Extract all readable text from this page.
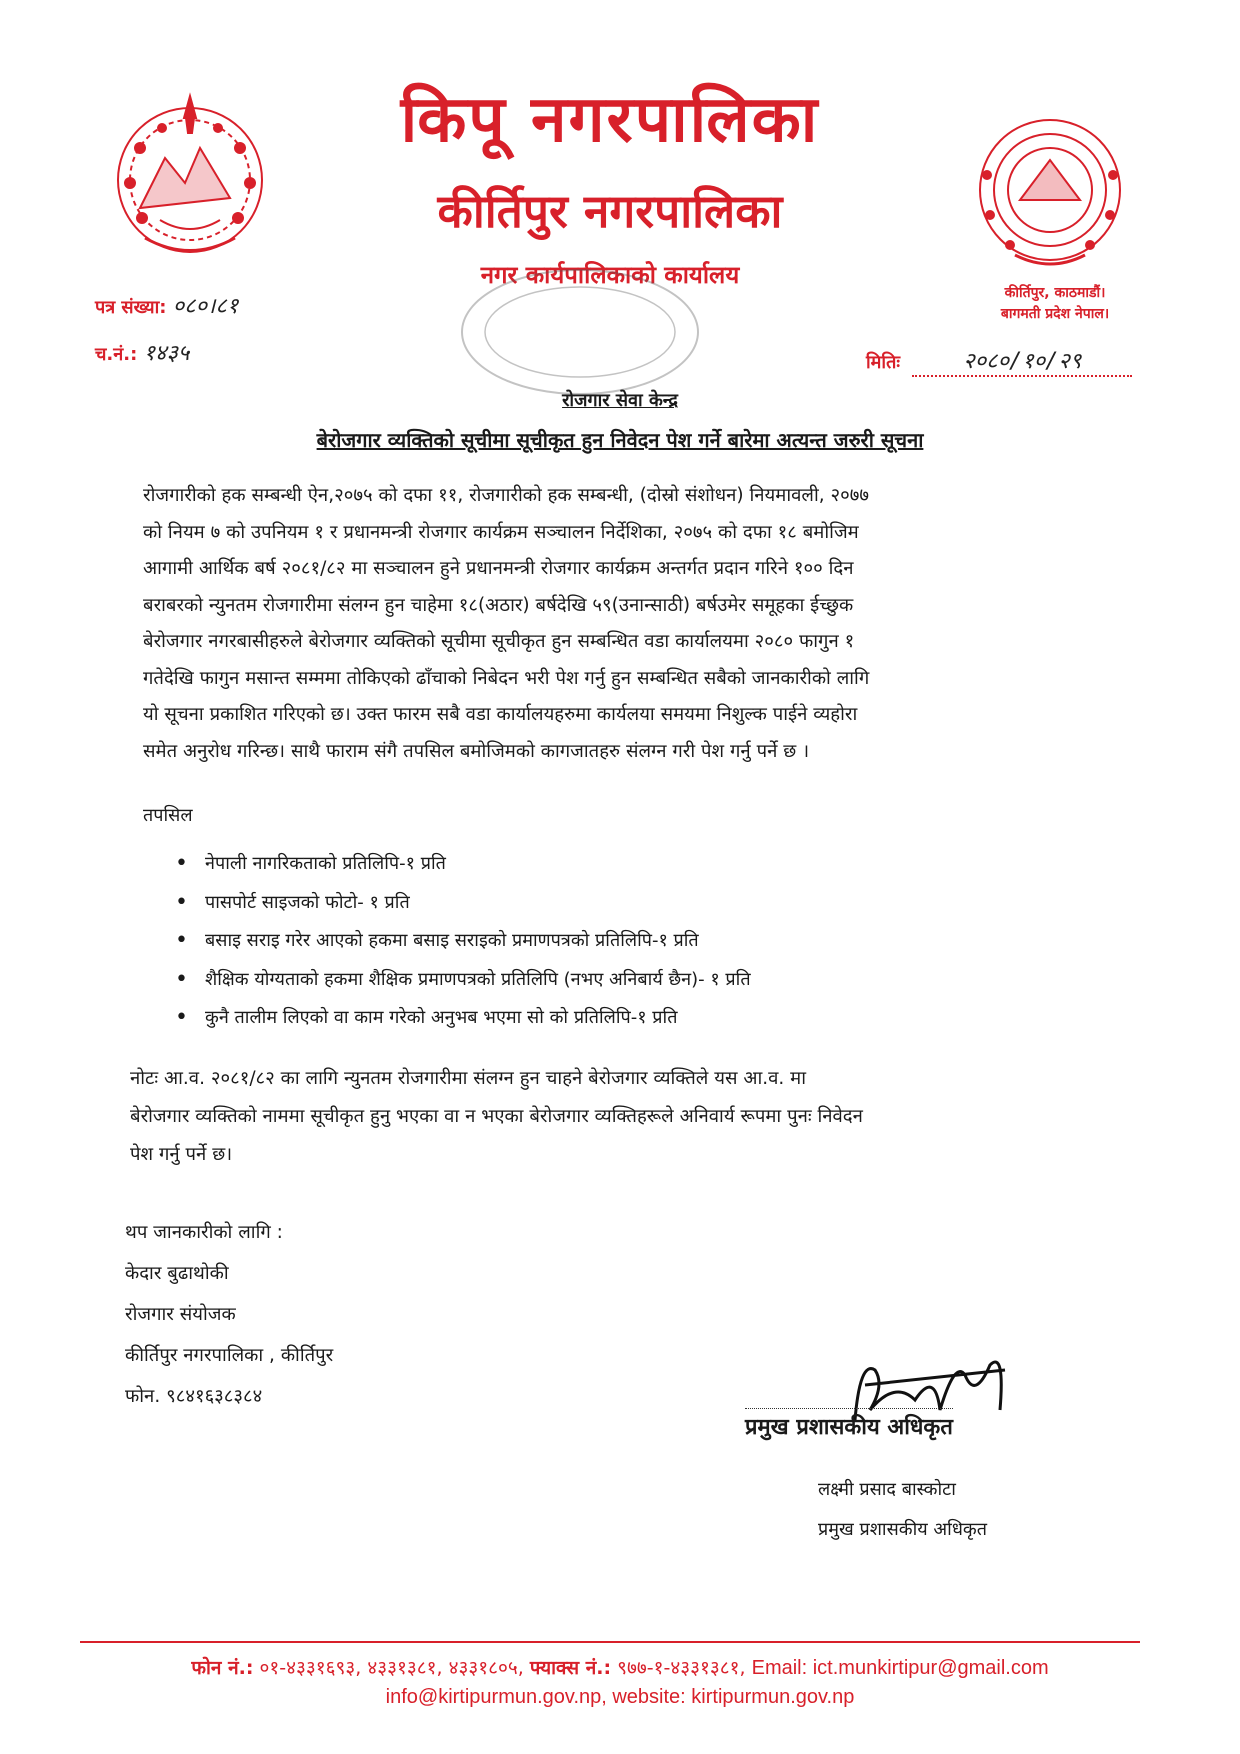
किपू नगरपालिका
कीर्तिपुर नगरपालिका
नगर कार्यपालिकाको कार्यालय
कीर्तिपुर, काठमाडौं।
बागमती प्रदेश नेपाल।
पत्र संख्या: ०८०।८१
च.नं.: १४३५	मितिः	२०८०/१०/२९
रोजगार सेवा केन्द्र
बेरोजगार व्यक्तिको सूचीमा सूचीकृत हुन निवेदन पेश गर्ने बारेमा अत्यन्त जरुरी सूचना
रोजगारीको हक सम्बन्धी ऐन,२०७५ को दफा ११, रोजगारीको हक सम्बन्धी, (दोस्रो संशोधन) नियमावली, २०७७
को नियम ७ को उपनियम १ र प्रधानमन्त्री रोजगार कार्यक्रम सञ्चालन निर्देशिका, २०७५ को दफा १८ बमोजिम
आगामी आर्थिक बर्ष २०८१/८२ मा सञ्चालन हुने प्रधानमन्त्री रोजगार कार्यक्रम अन्तर्गत प्रदान गरिने १०० दिन
बराबरको न्युनतम रोजगारीमा संलग्न हुन चाहेमा १८(अठार) बर्षदेखि ५९(उनान्साठी) बर्षउमेर समूहका ईच्छुक
बेरोजगार नगरबासीहरुले बेरोजगार व्यक्तिको सूचीमा सूचीकृत हुन सम्बन्धित वडा कार्यालयमा २०८० फागुन १
गतेदेखि फागुन मसान्त सम्ममा तोकिएको ढाँचाको निबेदन भरी पेश गर्नु हुन सम्बन्धित सबैको जानकारीको लागि
यो सूचना प्रकाशित गरिएको छ। उक्त फारम सबै वडा कार्यालयहरुमा कार्यलया समयमा निशुल्क पाईने व्यहोरा
समेत अनुरोध गरिन्छ। साथै फाराम संगै तपसिल बमोजिमको कागजातहरु संलग्न गरी पेश गर्नु पर्ने छ ।
तपसिल
• नेपाली नागरिकताको प्रतिलिपि-१ प्रति
• पासपोर्ट साइजको फोटो- १ प्रति
• बसाइ सराइ गरेर आएको हकमा बसाइ सराइको प्रमाणपत्रको प्रतिलिपि-१ प्रति
• शैक्षिक योग्यताको हकमा शैक्षिक प्रमाणपत्रको प्रतिलिपि (नभए अनिबार्य छैन)- १ प्रति
• कुनै तालीम लिएको वा काम गरेको अनुभब भएमा सो को प्रतिलिपि-१ प्रति
नोटः आ.व. २०८१/८२ का लागि न्युनतम रोजगारीमा संलग्न हुन चाहने बेरोजगार व्यक्तिले यस आ.व. मा
बेरोजगार व्यक्तिको नाममा सूचीकृत हुनु भएका वा न भएका बेरोजगार व्यक्तिहरूले अनिवार्य रूपमा पुनः निवेदन
पेश गर्नु पर्ने छ।
थप जानकारीको लागि :
केदार बुढाथोकी
रोजगार संयोजक
कीर्तिपुर नगरपालिका , कीर्तिपुर
फोन. ९८४१६३८३८४
प्रमुख प्रशासकीय अधिकृत
लक्ष्मी प्रसाद बास्कोटा
प्रमुख प्रशासकीय अधिकृत
फोन नं.: ०१-४३३१६९३, ४३३१३८१, ४३३१८०५, फ्याक्स नं.: ९७७-१-४३३१३८१, Email: ict.munkirtipur@gmail.com
info@kirtipurmun.gov.np, website: kirtipurmun.gov.np
